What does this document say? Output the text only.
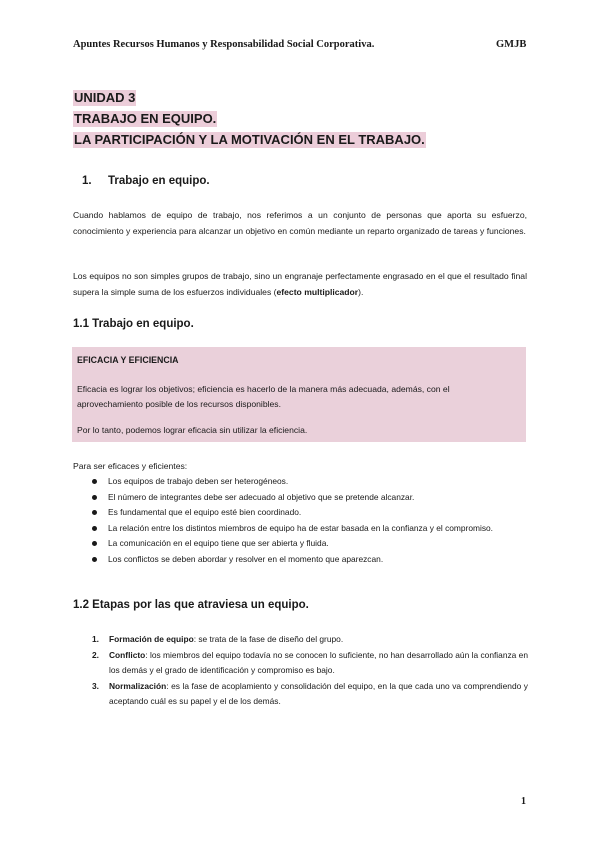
Apuntes Recursos Humanos y Responsabilidad Social Corporativa.	GMJB
UNIDAD 3
TRABAJO EN EQUIPO.
LA PARTICIPACIÓN Y LA MOTIVACIÓN EN EL TRABAJO.
1. Trabajo en equipo.
Cuando hablamos de equipo de trabajo, nos referimos a un conjunto de personas que aporta su esfuerzo, conocimiento y experiencia para alcanzar un objetivo en común mediante un reparto organizado de tareas y funciones.
Los equipos no son simples grupos de trabajo, sino un engranaje perfectamente engrasado en el que el resultado final supera la simple suma de los esfuerzos individuales (efecto multiplicador).
1.1 Trabajo en equipo.
EFICACIA Y EFICIENCIA
Eficacia es lograr los objetivos; eficiencia es hacerlo de la manera más adecuada, además, con el
aprovechamiento posible de los recursos disponibles.
Por lo tanto, podemos lograr eficacia sin utilizar la eficiencia.
Para ser eficaces y eficientes:
Los equipos de trabajo deben ser heterogéneos.
El número de integrantes debe ser adecuado al objetivo que se pretende alcanzar.
Es fundamental que el equipo esté bien coordinado.
La relación entre los distintos miembros de equipo ha de estar basada en la confianza y el compromiso.
La comunicación en el equipo tiene que ser abierta y fluida.
Los conflictos se deben abordar y resolver en el momento que aparezcan.
1.2 Etapas por las que atraviesa un equipo.
1. Formación de equipo: se trata de la fase de diseño del grupo.
2. Conflicto: los miembros del equipo todavía no se conocen lo suficiente, no han desarrollado aún la confianza en los demás y el grado de identificación y compromiso es bajo.
3. Normalización: es la fase de acoplamiento y consolidación del equipo, en la que cada uno va comprendiendo y aceptando cuál es su papel y el de los demás.
1
